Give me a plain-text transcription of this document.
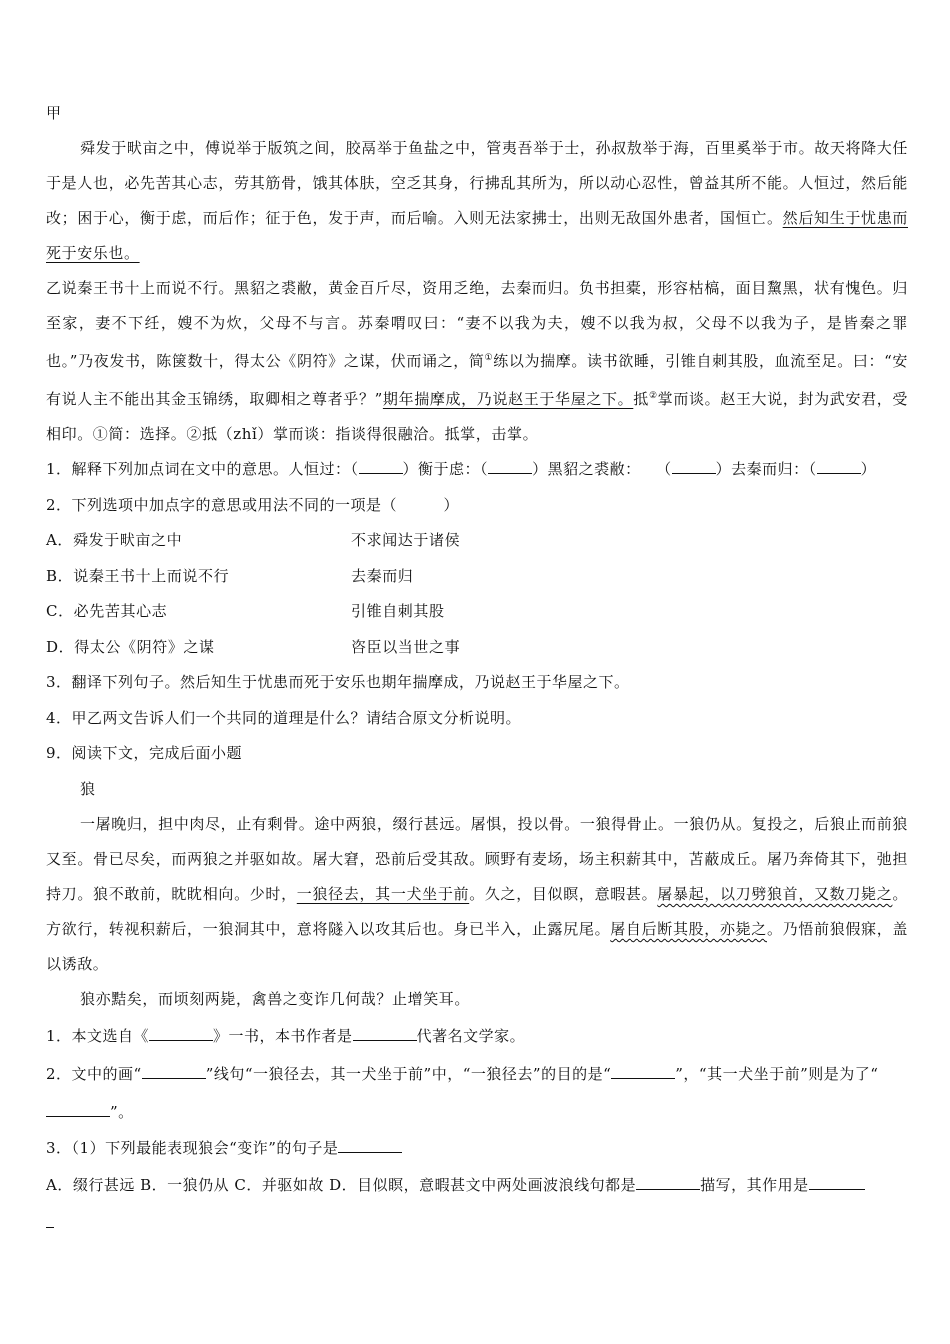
甲

舜发于畎亩之中，傅说举于版筑之间，胶鬲举于鱼盐之中，管夷吾举于士，孙叔敖举于海，百里奚举于市。故天将降大任于是人也，必先苦其心志，劳其筋骨，饿其体肤，空乏其身，行拂乱其所为，所以动心忍性，曾益其所不能。人恒过，然后能改；困于心，衡于虑，而后作；征于色，发于声，而后喻。入则无法家拂士，出则无敌国外患者，国恒亡。然后知生于忧患而死于安乐也。

乙说秦王书十上而说不行。黑貂之裘敝，黄金百斤尽，资用乏绝，去秦而归。负书担橐，形容枯槁，面目黧黑，状有愧色。归至家，妻不下纴，嫂不为炊，父母不与言。苏秦喟叹曰：“妻不以我为夫，嫂不以我为叔，父母不以我为子，是皆秦之罪也。”乃夜发书，陈箧数十，得太公《阴符》之谋，伏而诵之，简①练以为揣摩。读书欲睡，引锥自刺其股，血流至足。曰：“安有说人主不能出其金玉锦绣，取卿相之尊者乎？”期年揣摩成，乃说赵王于华屋之下。抵②掌而谈。赵王大说，封为武安君，受相印。①简：选择。②抵（zhǐ）掌而谈：指谈得很融洽。抵掌，击掌。

1．解释下列加点词在文中的意思。人恒过：（	）衡于虑：（	）黑貂之裘敝：  （	）去秦而归：（	）

2．下列选项中加点字的意思或用法不同的一项是（　　　）

A．舜发于畎亩之中	不求闻达于诸侯
B．说秦王书十上而说不行	去秦而归
C．必先苦其心志	引锥自刺其股
D．得太公《阴符》之谋	咨臣以当世之事

3．翻译下列句子。然后知生于忧患而死于安乐也期年揣摩成，乃说赵王于华屋之下。

4．甲乙两文告诉人们一个共同的道理是什么？请结合原文分析说明。

9．阅读下文，完成后面小题

狼

一屠晚归，担中肉尽，止有剩骨。途中两狼，缀行甚远。屠惧，投以骨。一狼得骨止。一狼仍从。复投之，后狼止而前狼又至。骨已尽矣，而两狼之并驱如故。屠大窘，恐前后受其敌。顾野有麦场，场主积薪其中，苫蔽成丘。屠乃奔倚其下，弛担持刀。狼不敢前，眈眈相向。少时，一狼径去，其一犬坐于前。久之，目似瞑，意暇甚。屠暴起，以刀劈狼首，又数刀毙之。方欲行，转视积薪后，一狼洞其中，意将隧入以攻其后也。身已半入，止露尻尾。屠自后断其股，亦毙之。乃悟前狼假寐，盖以诱敌。

狼亦黠矣，而顷刻两毙，禽兽之变诈几何哉？止增笑耳。

1．本文选自《	》一书，本书作者是	代著名文学家。

2．文中的画“	”线句“一狼径去，其一犬坐于前”中，“一狼径去”的目的是“	”，“其一犬坐于前”则是为了“”。

3．（1）下列最能表现狼会“变诈”的句子是

A．缀行甚远 B．一狼仍从 C．并驱如故 D．目似瞑，意暇甚文中两处画波浪线句都是	描写，其作用是
